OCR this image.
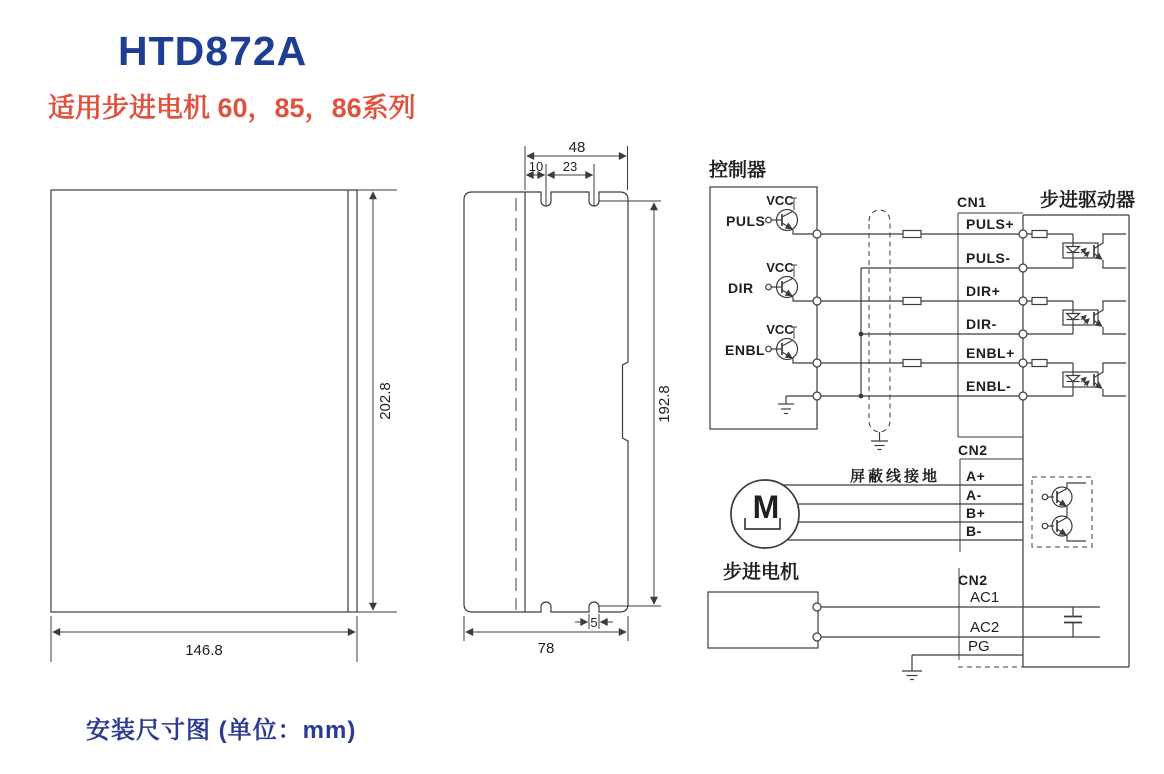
HTD872A
适用步进电机 60，85，86系列
安装尺寸图 (单位：mm)
202.8
146.8
48
10 23
192.8
5
78
控制器
VCC
PULS
VCC
DIR
VCC
ENBL
CN1
PULS+
PULS-
DIR+
DIR-
ENBL+
ENBL-
步进驱动器
CN2
A+
A-
B+
B-
屏蔽线接地
M
步进电机	CN2
AC1
AC2
PG
